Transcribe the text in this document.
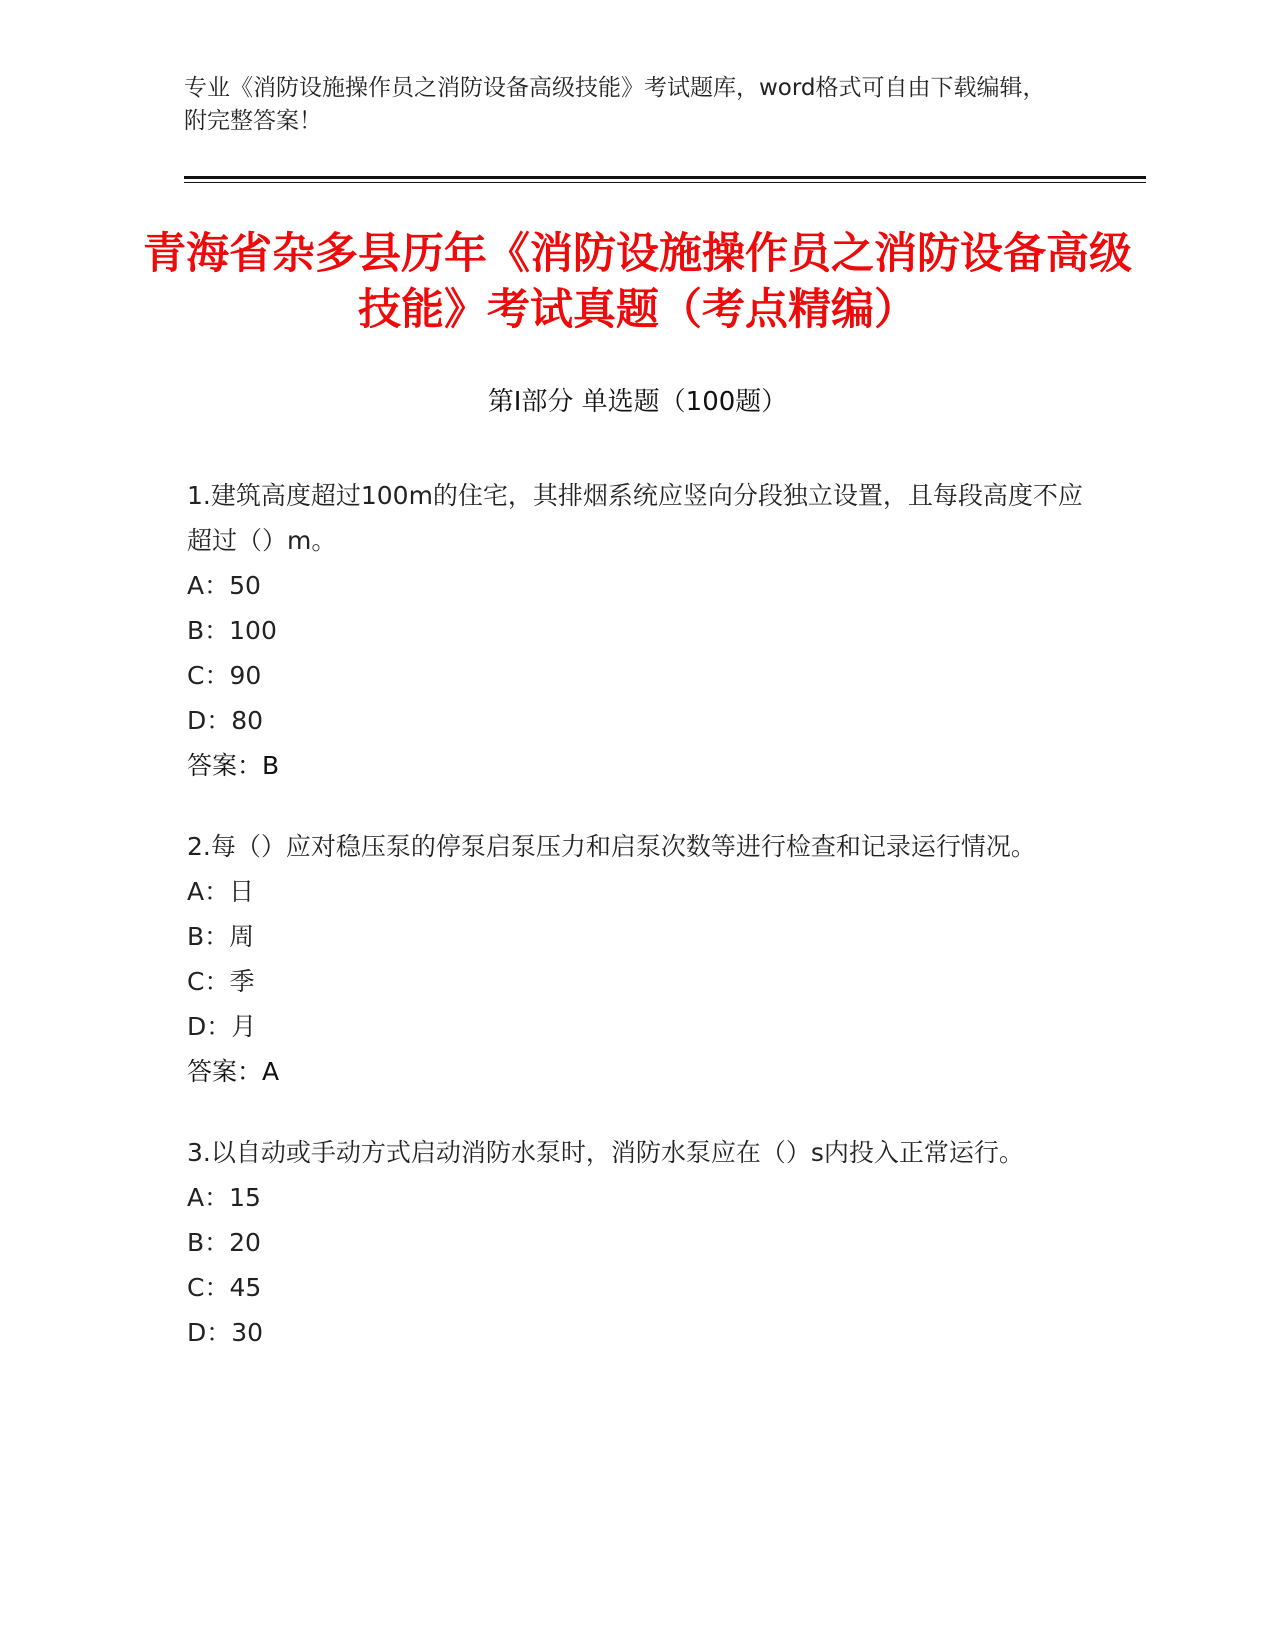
专业《消防设施操作员之消防设备高级技能》考试题库，word格式可自由下载编辑，附完整答案！
青海省杂多县历年《消防设施操作员之消防设备高级技能》考试真题（考点精编）
第I部分 单选题（100题）
1.建筑高度超过100m的住宅，其排烟系统应竖向分段独立设置，且每段高度不应超过（）m。
A：50
B：100
C：90
D：80
答案：B
2.每（）应对稳压泵的停泵启泵压力和启泵次数等进行检查和记录运行情况。
A：日
B：周
C：季
D：月
答案：A
3.以自动或手动方式启动消防水泵时，消防水泵应在（）s内投入正常运行。
A：15
B：20
C：45
D：30
